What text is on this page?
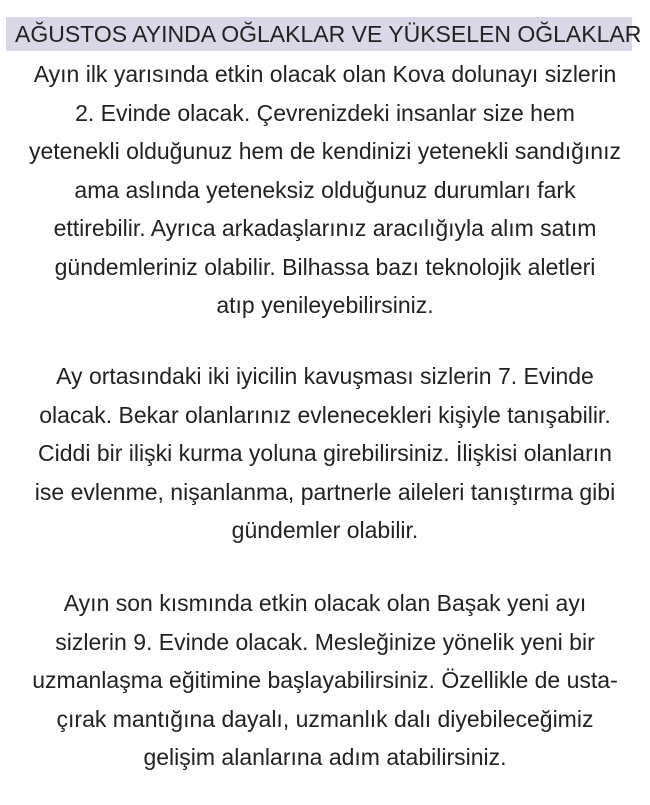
AĞUSTOS AYINDA OĞLAKLAR VE YÜKSELEN OĞLAKLAR
Ayın ilk yarısında etkin olacak olan Kova dolunayı sizlerin
2. Evinde olacak. Çevrenizdeki insanlar size hem
yetenekli olduğunuz hem de kendinizi yetenekli sandığınız
ama aslında yeteneksiz olduğunuz durumları fark
ettirebilir. Ayrıca arkadaşlarınız aracılığıyla alım satım
gündemleriniz olabilir. Bilhassa bazı teknolojik aletleri
atıp yenileyebilirsiniz.
Ay ortasındaki iki iyicilin kavuşması sizlerin 7. Evinde
olacak. Bekar olanlarınız evlenecekleri kişiyle tanışabilir.
Ciddi bir ilişki kurma yoluna girebilirsiniz. İlişkisi olanların
ise evlenme, nişanlanma, partnerle aileleri tanıştırma gibi
gündemler olabilir.
Ayın son kısmında etkin olacak olan Başak yeni ayı
sizlerin 9. Evinde olacak. Mesleğinize yönelik yeni bir
uzmanlaşma eğitimine başlayabilirsiniz. Özellikle de usta-
çırak mantığına dayalı, uzmanlık dalı diyebileceğimiz
gelişim alanlarına adım atabilirsiniz.
